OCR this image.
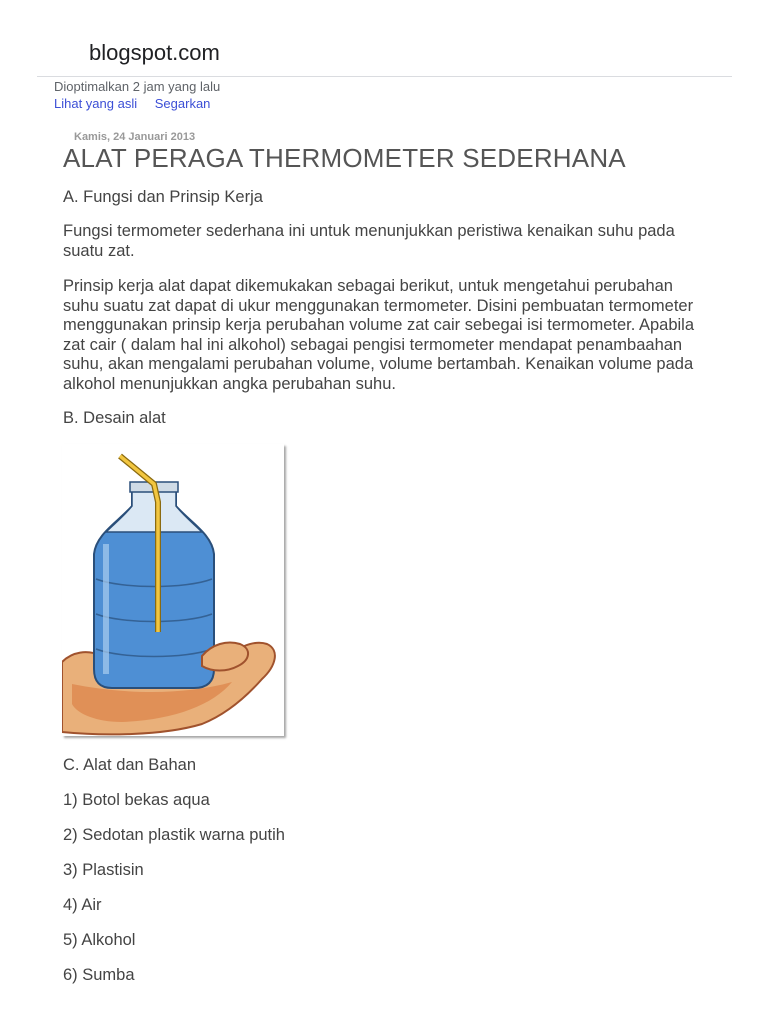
blogspot.com
Dioptimalkan 2 jam yang lalu
Lihat yang asli Segarkan
Kamis, 24 Januari 2013
ALAT PERAGA THERMOMETER SEDERHANA

A. Fungsi dan Prinsip Kerja

Fungsi termometer sederhana ini untuk menunjukkan peristiwa kenaikan suhu pada suatu zat.

Prinsip kerja alat dapat dikemukakan sebagai berikut, untuk mengetahui perubahan suhu suatu zat dapat di ukur menggunakan termometer. Disini pembuatan termometer menggunakan prinsip kerja perubahan volume zat cair sebegai isi termometer. Apabila zat cair ( dalam hal ini alkohol) sebagai pengisi termometer mendapat penambaahan suhu, akan mengalami perubahan volume, volume bertambah. Kenaikan volume pada alkohol menunjukkan angka perubahan suhu.

B. Desain alat

C. Alat dan Bahan

1) Botol bekas aqua

2) Sedotan plastik warna putih

3) Plastisin

4) Air

5) Alkohol

6) Sumba
